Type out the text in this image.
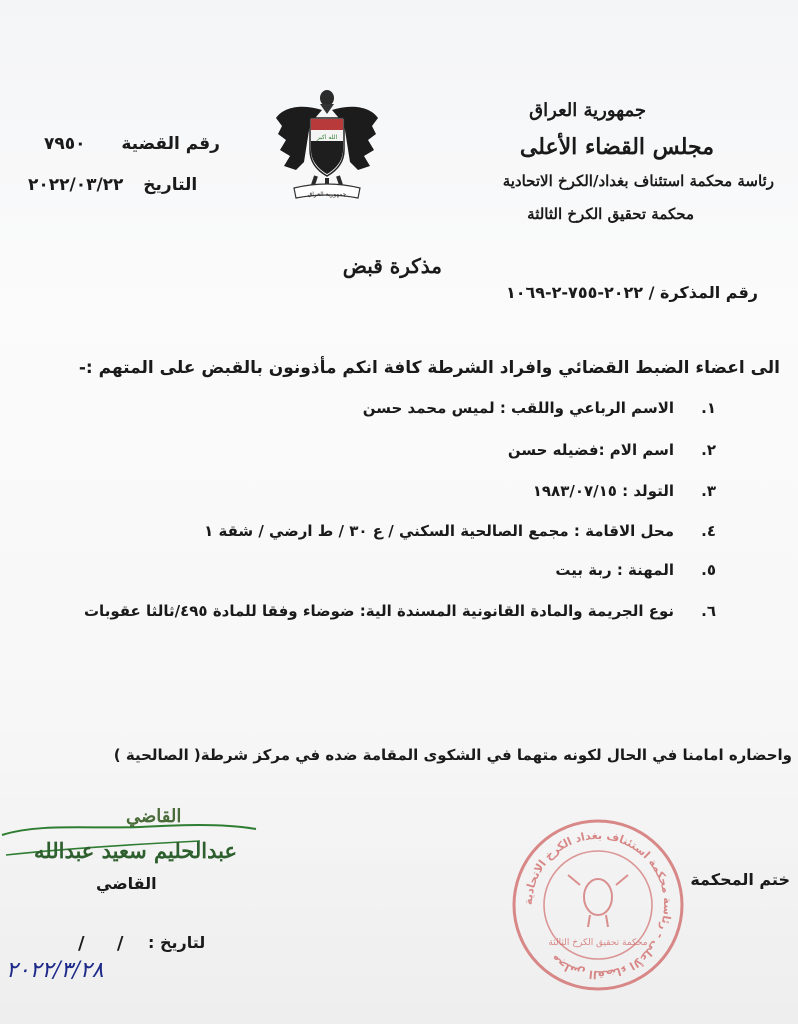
جمهورية العراق
مجلس القضاء الأعلى
رئاسة محكمة استئناف بغداد/الكرخ الاتحادية
محكمة تحقيق الكرخ الثالثة
الله اكبر
جمهورية العراق
رقم القضية  ٧٩٥٠
التاريخ  ٢٠٢٢/٠٣/٢٢
مذكرة قبض
رقم المذكرة / ٢٠٢٢-٧٥٥-٢-١٠٦٩
الى اعضاء الضبط القضائي وافراد الشرطة كافة انكم مأذونون بالقبض على المتهم :-
١.الاسم الرباعي واللقب : لميس محمد حسن
٢.اسم الام :فضيله حسن
٣.التولد : ١٩٨٣/٠٧/١٥
٤.محل الاقامة : مجمع الصالحية السكني / ع ٣٠ / ط ارضي / شقة ١
٥.المهنة : ربة بيت
٦.نوع الجريمة والمادة القانونية المسندة الية: ضوضاء وفقا للمادة ٤٩٥/ثالثا عقوبات
واحضاره امامنا في الحال لكونه متهما في الشكوى المقامة ضده في مركز شرطة( الصالحية )
القاضي
عبدالحليم سعيد عبدالله
القاضي
لتاريخ :
/ /
٢٠٢٢/٣/٢٨
ختم المحكمة
مجلس القضاء الأعلى - رئاسة محكمة استئناف بغداد الكرخ الاتحادية
محكمة تحقيق الكرخ الثالثة
